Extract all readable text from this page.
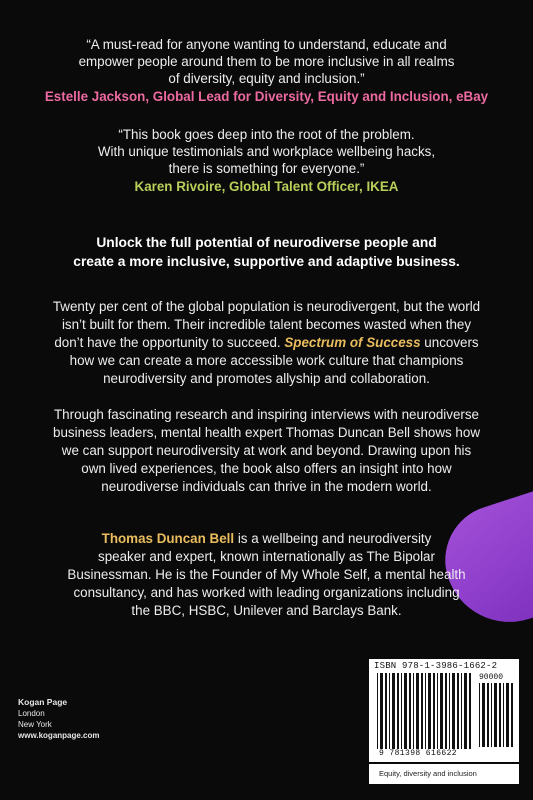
“A must-read for anyone wanting to understand, educate and
empower people around them to be more inclusive in all realms
of diversity, equity and inclusion.”
Estelle Jackson, Global Lead for Diversity, Equity and Inclusion, eBay
“This book goes deep into the root of the problem.
With unique testimonials and workplace wellbeing hacks,
there is something for everyone.”
Karen Rivoire, Global Talent Officer, IKEA
Unlock the full potential of neurodiverse people and
create a more inclusive, supportive and adaptive business.
Twenty per cent of the global population is neurodivergent, but the world
isn’t built for them. Their incredible talent becomes wasted when they
don’t have the opportunity to succeed. Spectrum of Success uncovers
how we can create a more accessible work culture that champions
neurodiversity and promotes allyship and collaboration.
Through fascinating research and inspiring interviews with neurodiverse
business leaders, mental health expert Thomas Duncan Bell shows how
we can support neurodiversity at work and beyond. Drawing upon his
own lived experiences, the book also offers an insight into how
neurodiverse individuals can thrive in the modern world.
Thomas Duncan Bell is a wellbeing and neurodiversity
speaker and expert, known internationally as The Bipolar
Businessman. He is the Founder of My Whole Self, a mental health
consultancy, and has worked with leading organizations including
the BBC, HSBC, Unilever and Barclays Bank.
Kogan Page
London
New York
www.koganpage.com
ISBN 978-1-3986-1662-2
90000
9 781398 616622
Equity, diversity and inclusion
